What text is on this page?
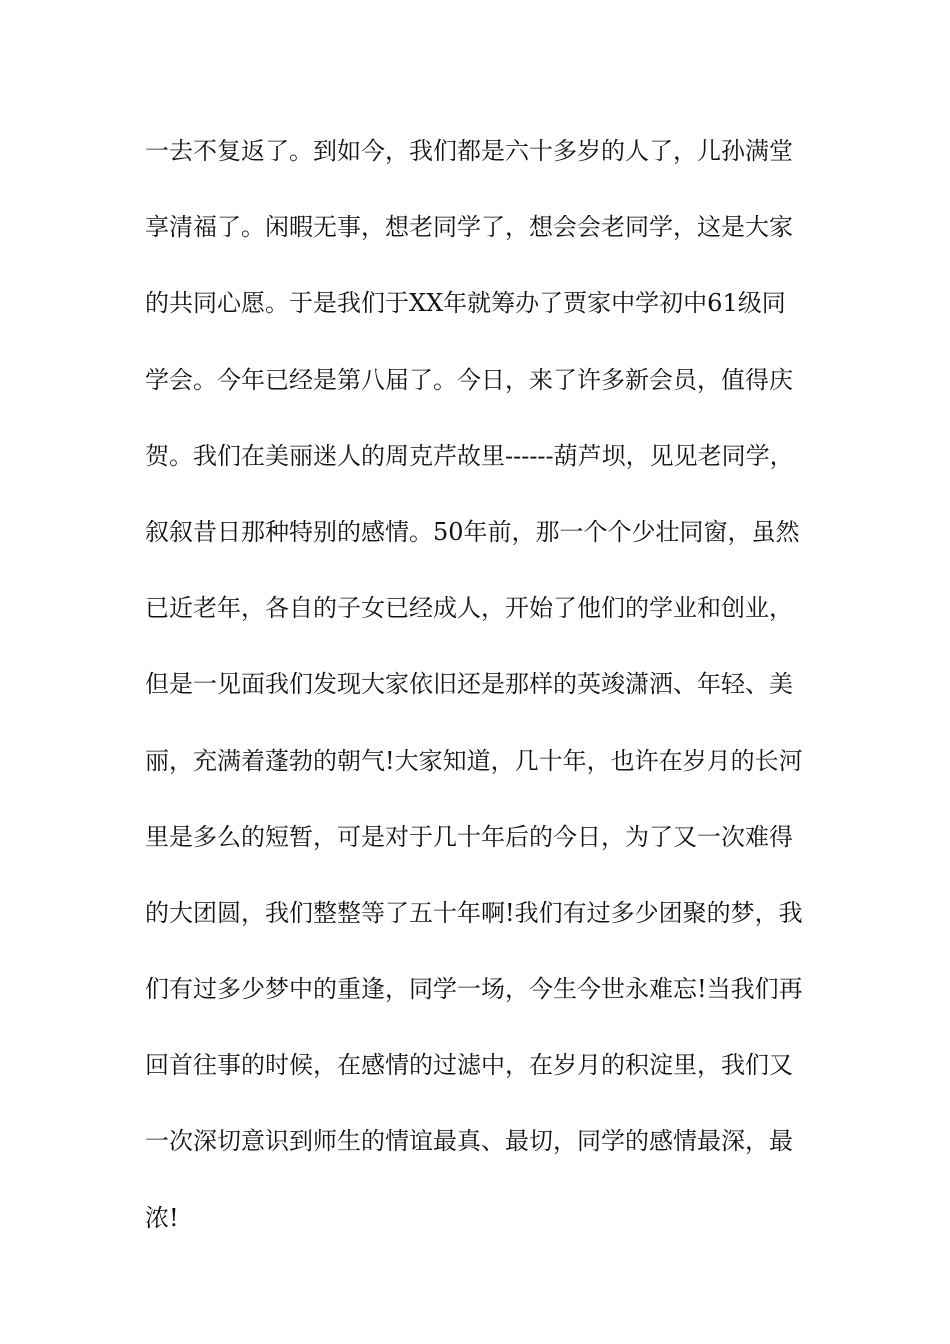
一去不复返了。到如今，我们都是六十多岁的人了，儿孙满堂
享清福了。闲暇无事，想老同学了，想会会老同学，这是大家
的共同心愿。于是我们于XX年就筹办了贾家中学初中61级同
学会。今年已经是第八届了。今日，来了许多新会员，值得庆
贺。我们在美丽迷人的周克芹故里------葫芦坝，见见老同学，
叙叙昔日那种特别的感情。50年前，那一个个少壮同窗，虽然
已近老年，各自的子女已经成人，开始了他们的学业和创业，
但是一见面我们发现大家依旧还是那样的英竣潇洒、年轻、美
丽，充满着蓬勃的朝气!大家知道，几十年，也许在岁月的长河
里是多么的短暂，可是对于几十年后的今日，为了又一次难得
的大团圆，我们整整等了五十年啊!我们有过多少团聚的梦，我
们有过多少梦中的重逢，同学一场，今生今世永难忘!当我们再
回首往事的时候，在感情的过滤中，在岁月的积淀里，我们又
一次深切意识到师生的情谊最真、最切，同学的感情最深，最
浓!
